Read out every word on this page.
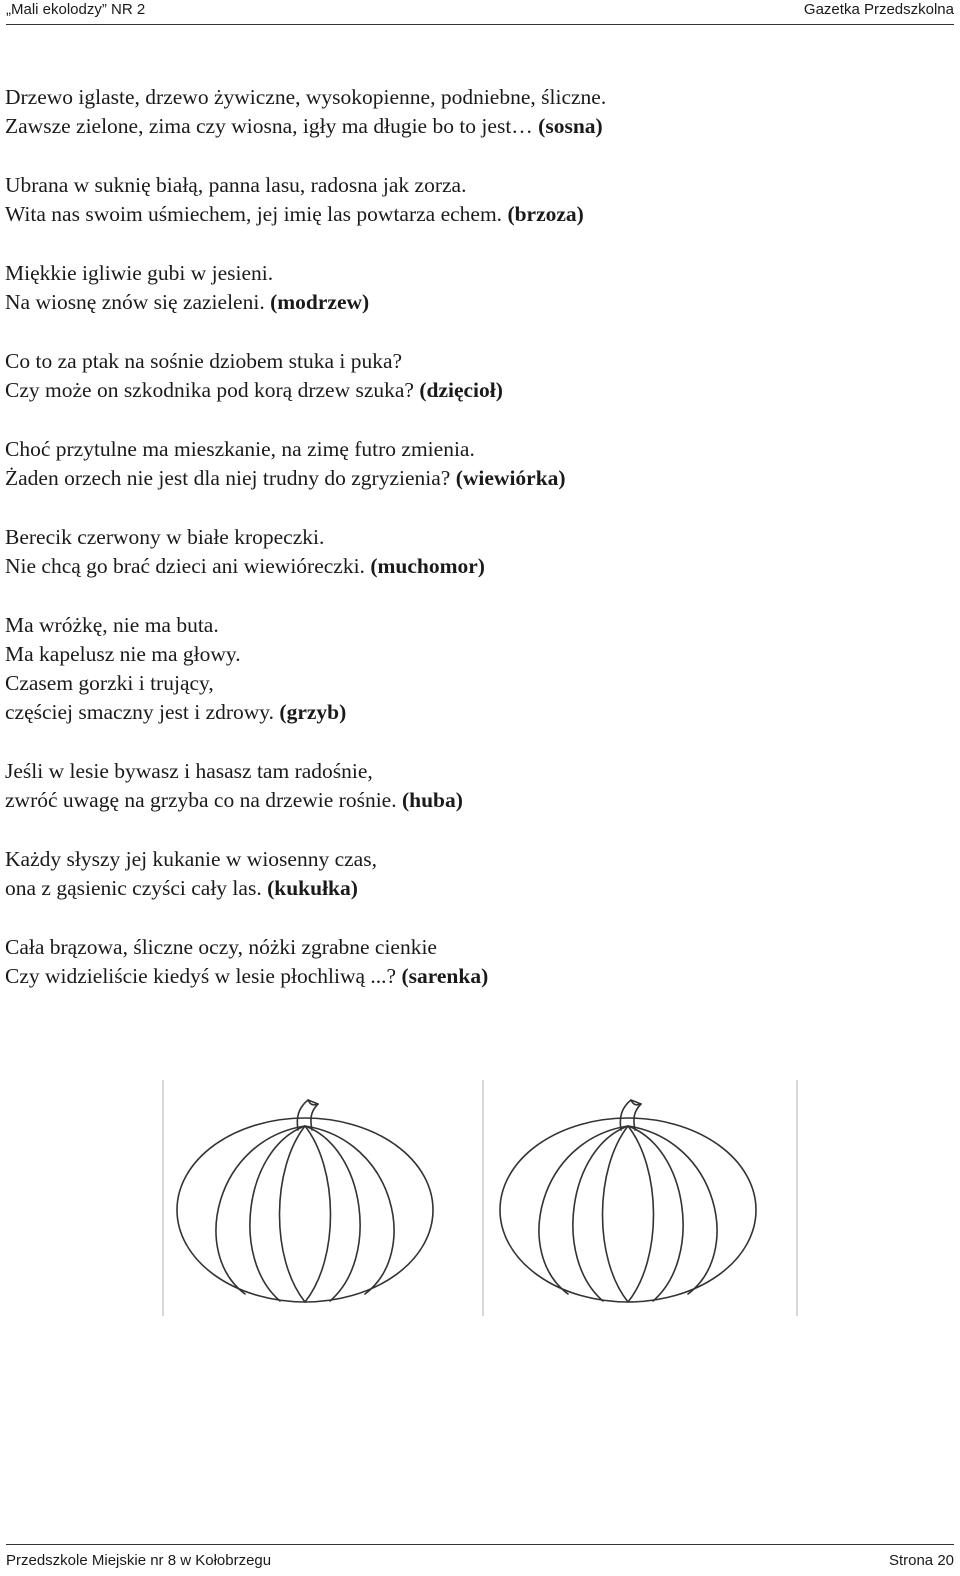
„Mali ekolodzy” NR 2	Gazetka Przedszkolna
Drzewo iglaste, drzewo żywiczne, wysokopienne, podniebne, śliczne.
Zawsze zielone, zima czy wiosna, igły ma długie bo to jest… (sosna)
Ubrana w suknię białą, panna lasu, radosna jak zorza.
Wita nas swoim uśmiechem, jej imię las powtarza echem. (brzoza)
Miękkie igliwie gubi w jesieni.
Na wiosnę znów się zazieleni. (modrzew)
Co to za ptak na sośnie dziobem stuka i puka?
Czy może on szkodnika pod korą drzew szuka? (dzięcioł)
Choć przytulne ma mieszkanie, na zimę futro zmienia.
Żaden orzech nie jest dla niej trudny do zgryzienia? (wiewiórka)
Berecik czerwony w białe kropeczki.
Nie chcą go brać dzieci ani wiewióreczki. (muchomor)
Ma wróżkę, nie ma buta.
Ma kapelusz nie ma głowy.
Czasem gorzki i trujący,
częściej smaczny jest i zdrowy. (grzyb)
Jeśli w lesie bywasz i hasasz tam radośnie,
zwróć uwagę na grzyba co na drzewie rośnie. (huba)
Każdy słyszy jej kukanie w wiosenny czas,
ona z gąsienic czyści cały las. (kukułka)
Cała brązowa, śliczne oczy, nóżki zgrabne cienkie
Czy widzieliście kiedyś w lesie płochliwą ...? (sarenka)
Przedszkole Miejskie nr 8 w Kołobrzegu	Strona 20
